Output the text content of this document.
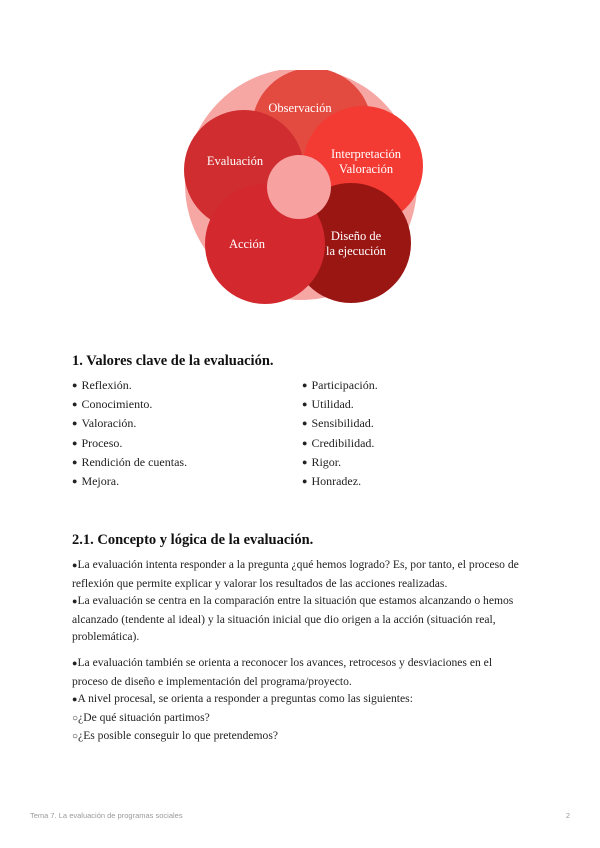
Observación
Interpretación
Valoración
Evaluación
Diseño de
la ejecución
Acción
1. Valores clave de la evaluación.
● Reflexión.
● Conocimiento.
● Valoración.
● Proceso.
● Rendición de cuentas.
● Mejora.
● Participación.
● Utilidad.
● Sensibilidad.
● Credibilidad.
● Rigor.
● Honradez.
2.1. Concepto y lógica de la evaluación.

● La evaluación intenta responder a la pregunta ¿qué hemos logrado? Es, por tanto, el proceso de reflexión que permite explicar y valorar los resultados de las acciones realizadas.

● La evaluación se centra en la comparación entre la situación que estamos alcanzando o hemos alcanzado (tendente al ideal) y la situación inicial que dio origen a la acción (situación real, problemática).

● La evaluación también se orienta a reconocer los avances, retrocesos y desviaciones en el proceso de diseño e implementación del programa/proyecto.

● A nivel procesal, se orienta a responder a preguntas como las siguientes:

○ ¿De qué situación partimos?

○ ¿Es posible conseguir lo que pretendemos?

Tema 7. La evaluación de programas sociales	2
